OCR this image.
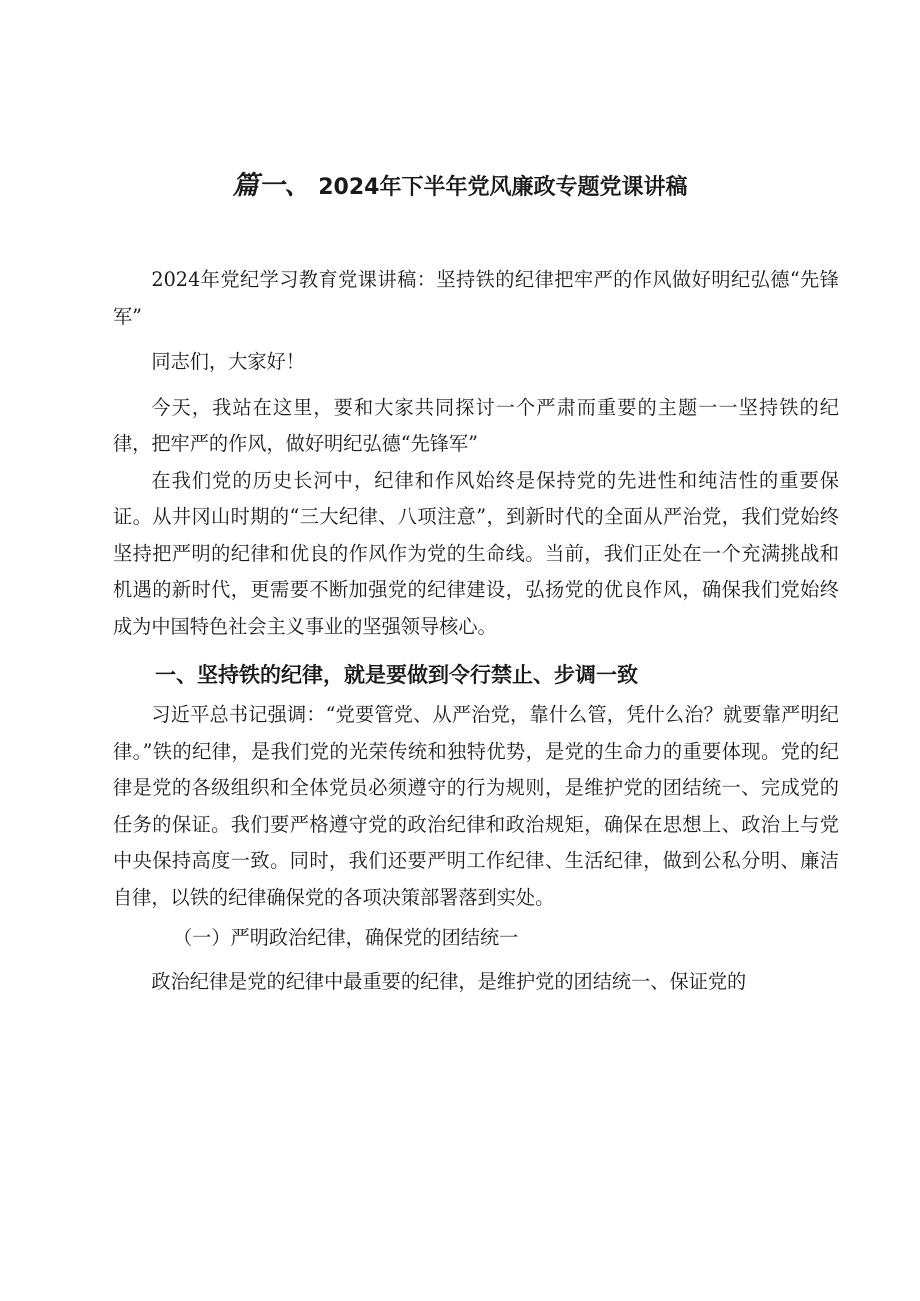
篇一、 2024年下半年党风廉政专题党课讲稿

2024年党纪学习教育党课讲稿：坚持铁的纪律把牢严的作风做好明纪弘德“先锋军”

同志们，大家好！

今天，我站在这里，要和大家共同探讨一个严肃而重要的主题一一坚持铁的纪律，把牢严的作风，做好明纪弘德“先锋军”

在我们党的历史长河中，纪律和作风始终是保持党的先进性和纯洁性的重要保证。从井冈山时期的“三大纪律、八项注意”，到新时代的全面从严治党，我们党始终坚持把严明的纪律和优良的作风作为党的生命线。当前，我们正处在一个充满挑战和机遇的新时代，更需要不断加强党的纪律建设，弘扬党的优良作风，确保我们党始终成为中国特色社会主义事业的坚强领导核心。

一、坚持铁的纪律，就是要做到令行禁止、步调一致

习近平总书记强调：“党要管党、从严治党，靠什么管，凭什么治？就要靠严明纪律。”铁的纪律，是我们党的光荣传统和独特优势，是党的生命力的重要体现。党的纪律是党的各级组织和全体党员必须遵守的行为规则，是维护党的团结统一、完成党的任务的保证。我们要严格遵守党的政治纪律和政治规矩，确保在思想上、政治上与党中央保持高度一致。同时，我们还要严明工作纪律、生活纪律，做到公私分明、廉洁自律，以铁的纪律确保党的各项决策部署落到实处。

（一）严明政治纪律，确保党的团结统一

政治纪律是党的纪律中最重要的纪律，是维护党的团结统一、保证党的
